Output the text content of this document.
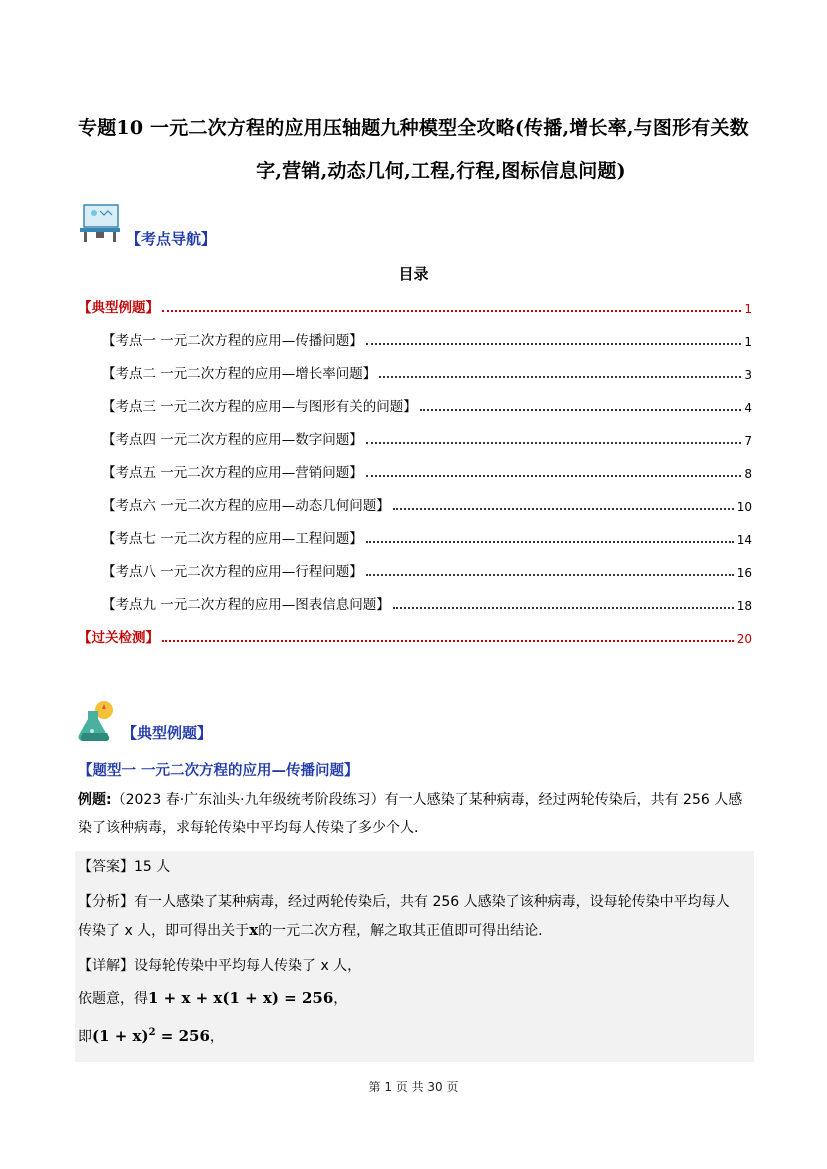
专题10 一元二次方程的应用压轴题九种模型全攻略(传播,增长率,与图形有关数
字,营销,动态几何,工程,行程,图标信息问题)
【考点导航】
目录
【典型例题】	1
【考点一 一元二次方程的应用—传播问题】	1
【考点二 一元二次方程的应用—增长率问题】	3
【考点三 一元二次方程的应用—与图形有关的问题】	4
【考点四 一元二次方程的应用—数字问题】	7
【考点五 一元二次方程的应用—营销问题】	8
【考点六 一元二次方程的应用—动态几何问题】	10
【考点七 一元二次方程的应用—工程问题】	14
【考点八 一元二次方程的应用—行程问题】	16
【考点九 一元二次方程的应用—图表信息问题】	18
【过关检测】	20
【典型例题】
【题型一 一元二次方程的应用—传播问题】
例题:（2023 春·广东汕头·九年级统考阶段练习）有一人感染了某种病毒，经过两轮传染后，共有 256 人感
染了该种病毒，求每轮传染中平均每人传染了多少个人.
【答案】15 人
【分析】有一人感染了某种病毒，经过两轮传染后，共有 256 人感染了该种病毒，设每轮传染中平均每人
传染了 x 人，即可得出关于x的一元二次方程，解之取其正值即可得出结论.
【详解】设每轮传染中平均每人传染了 x 人，
依题意，得1 + x + x(1 + x) = 256，
即$(1 + x)^2 = 256$，
第 1 页 共 30 页
